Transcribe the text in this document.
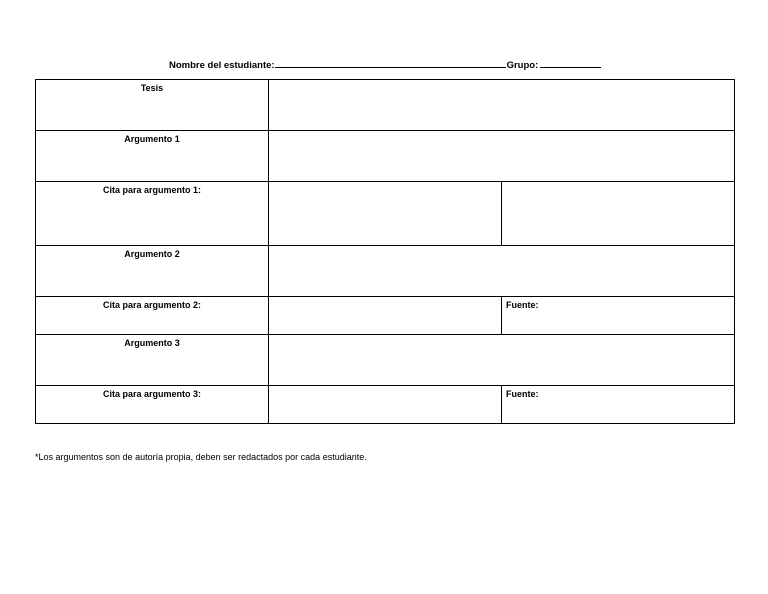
Nombre del estudiante:	Grupo:
Tesis		
Argumento 1		
Cita para argumento 1:		
Argumento 2		
Cita para argumento 2:		Fuente:
Argumento 3		
Cita para argumento 3:		Fuente:
*Los argumentos son de autoría propia, deben ser redactados por cada estudiante.
